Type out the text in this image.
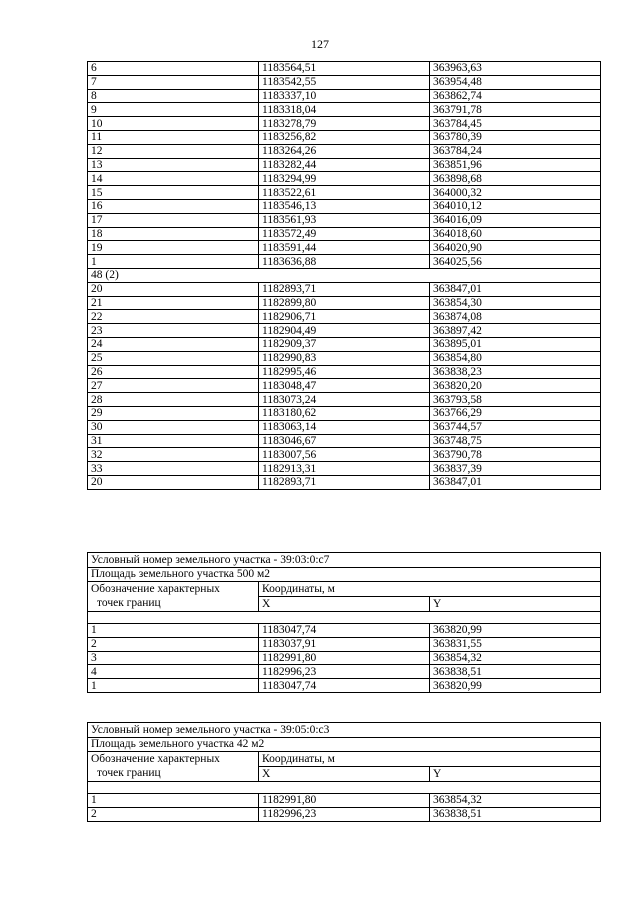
127
6	1183564,51	363963,63
7	1183542,55	363954,48
8	1183337,10	363862,74
9	1183318,04	363791,78
10	1183278,79	363784,45
11	1183256,82	363780,39
12	1183264,26	363784,24
13	1183282,44	363851,96
14	1183294,99	363898,68
15	1183522,61	364000,32
16	1183546,13	364010,12
17	1183561,93	364016,09
18	1183572,49	364018,60
19	1183591,44	364020,90
1	1183636,88	364025,56
48 (2)		
20	1182893,71	363847,01
21	1182899,80	363854,30
22	1182906,71	363874,08
23	1182904,49	363897,42
24	1182909,37	363895,01
25	1182990,83	363854,80
26	1182995,46	363838,23
27	1183048,47	363820,20
28	1183073,24	363793,58
29	1183180,62	363766,29
30	1183063,14	363744,57
31	1183046,67	363748,75
32	1183007,56	363790,78
33	1182913,31	363837,39
20	1182893,71	363847,01
Условный номер земельного участка - 39:03:0:с7		
Площадь земельного участка 500 м2		

Обозначение характерных
точек границ	Координаты, м	
	X	Y

1	1183047,74	363820,99
2	1183037,91	363831,55
3	1182991,80	363854,32
4	1182996,23	363838,51
1	1183047,74	363820,99
Условный номер земельного участка - 39:05:0:с3		
Площадь земельного участка 42 м2		

Обозначение характерных
точек границ	Координаты, м	
	X	Y

1	1182991,80	363854,32
2	1182996,23	363838,51
